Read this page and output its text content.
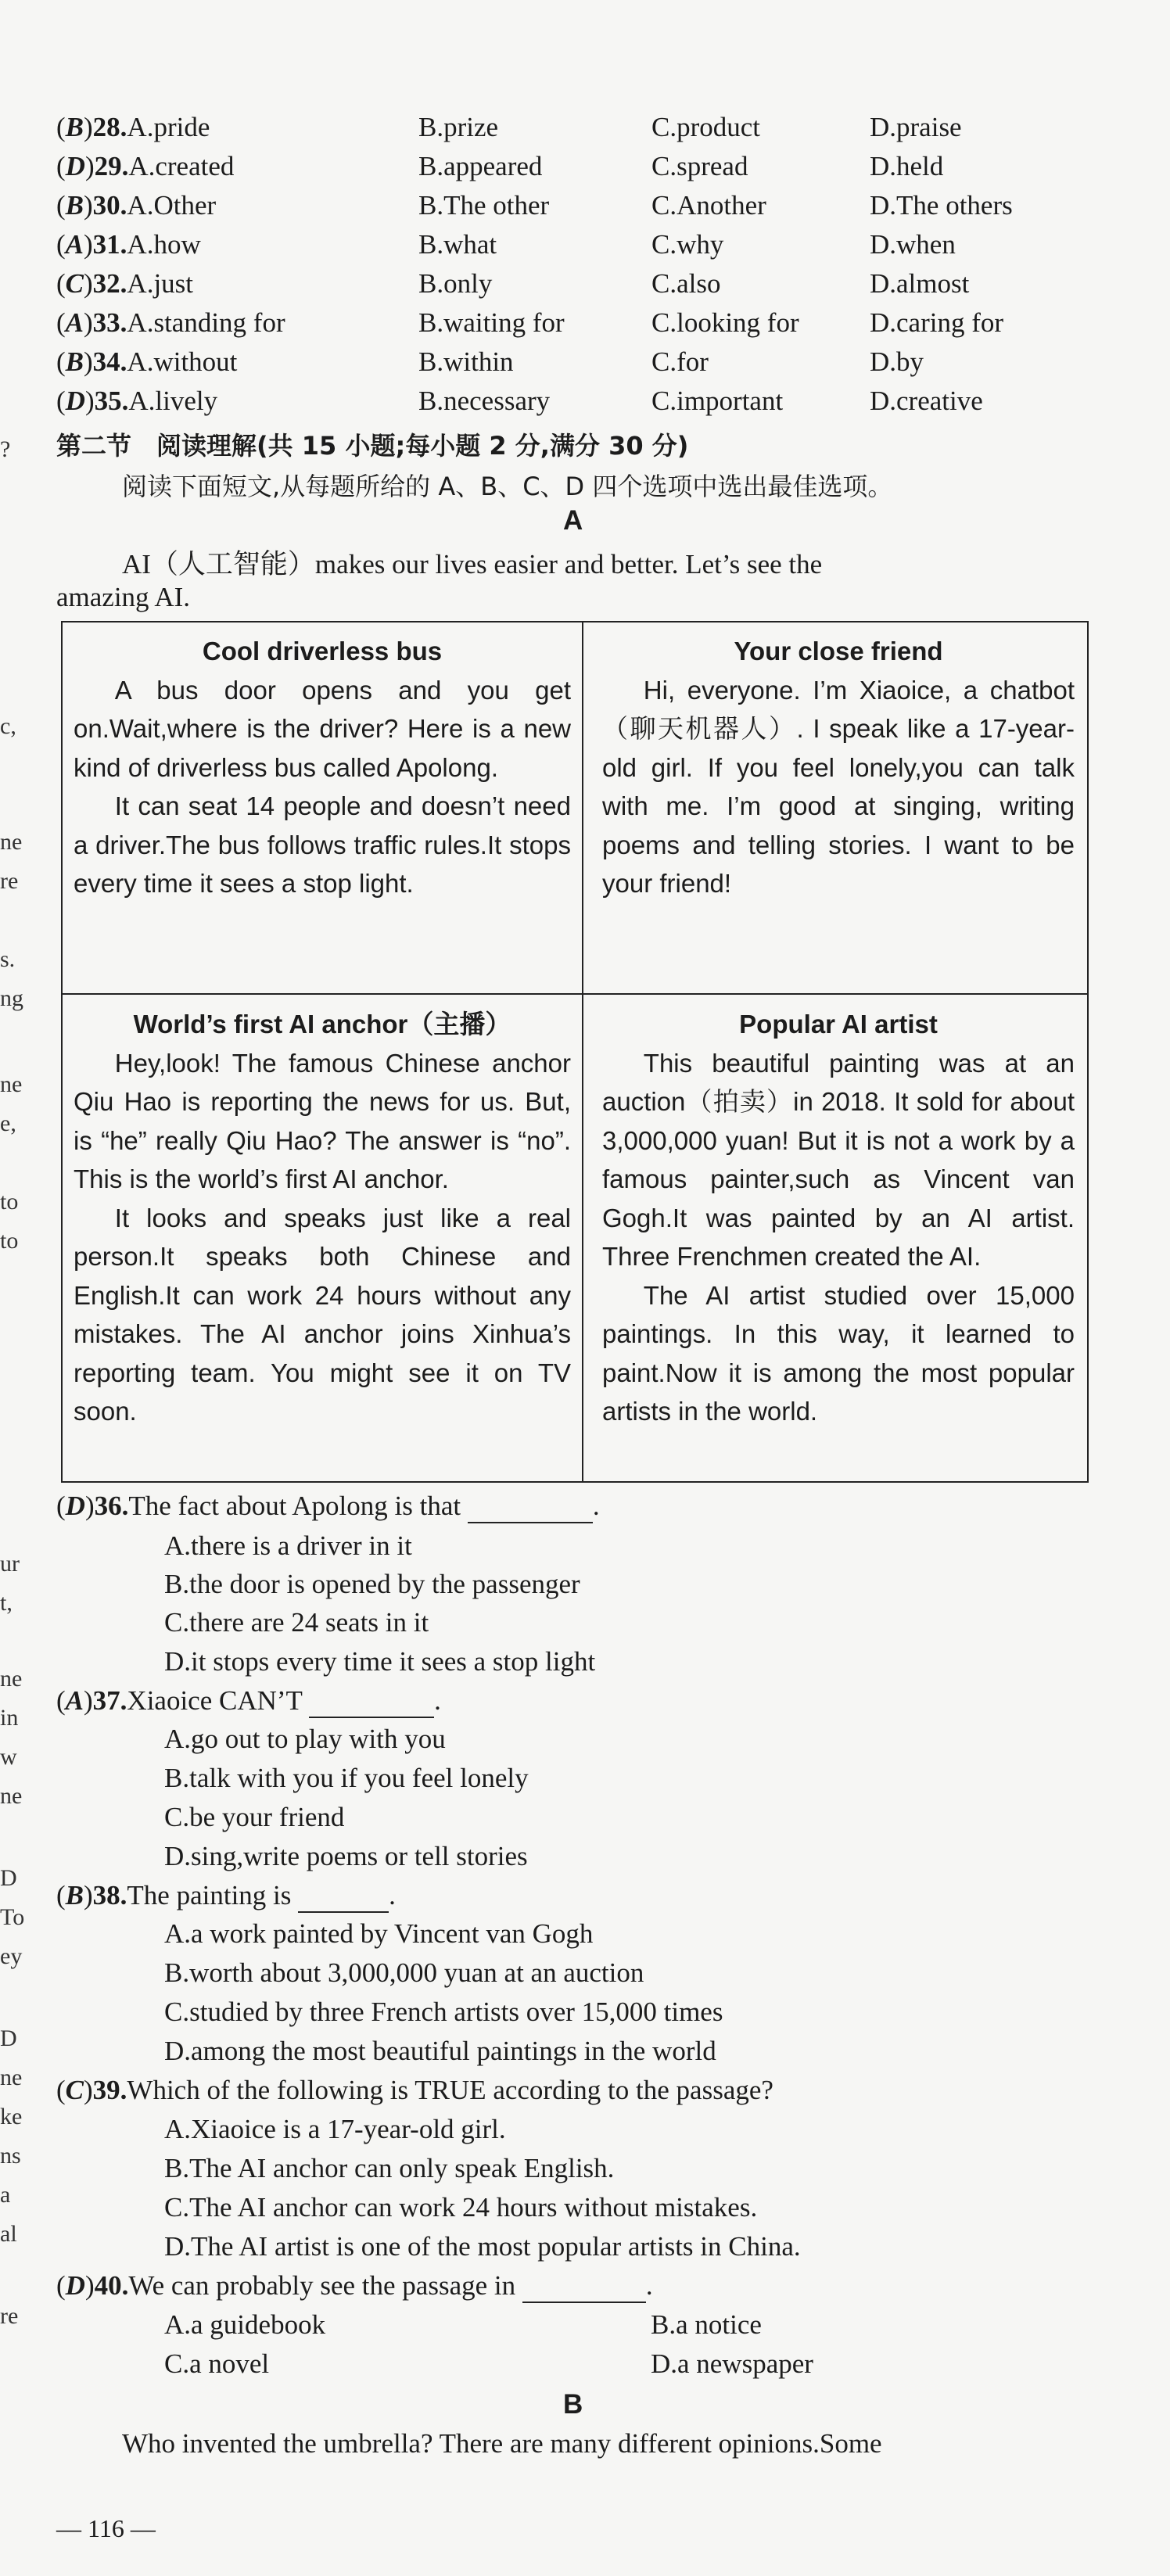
(B)28.A.pride	B.prize	C.product	D.praise
(D)29.A.created	B.appeared	C.spread	D.held
(B)30.A.Other	B.The other	C.Another	D.The others
(A)31.A.how	B.what	C.why	D.when
(C)32.A.just	B.only	C.also	D.almost
(A)33.A.standing for	B.waiting for	C.looking for	D.caring for
(B)34.A.without	B.within	C.for	D.by
(D)35.A.lively	B.necessary	C.important	D.creative
第二节　阅读理解(共 15 小题;每小题 2 分,满分 30 分)
阅读下面短文,从每题所给的 A、B、C、D 四个选项中选出最佳选项。
A
AI（人工智能）makes our lives easier and better. Let’s see the
amazing AI.
Cool driverless bus

A bus door opens and you get on.Wait,where is the driver? Here is a new kind of driverless bus called Apolong.

It can seat 14 people and doesn’t need a driver.The bus follows traffic rules.It stops every time it sees a stop light.

Your close friend

Hi, everyone. I’m Xiaoice, a chatbot（聊天机器人）. I speak like a 17-year-old girl. If you feel lonely,you can talk with me. I’m good at singing, writing poems and telling stories. I want to be your friend!

World’s first AI anchor（主播）

Hey,look! The famous Chinese anchor Qiu Hao is reporting the news for us. But, is “he” really Qiu Hao? The answer is “no”. This is the world’s first AI anchor.

It looks and speaks just like a real person.It speaks both Chinese and English.It can work 24 hours without any mistakes. The AI anchor joins Xinhua’s reporting team. You might see it on TV soon.

Popular AI artist

This beautiful painting was at an auction（拍卖）in 2018. It sold for about 3,000,000 yuan! But it is not a work by a famous painter,such as Vincent van Gogh.It was painted by an AI artist. Three Frenchmen created the AI.

The AI artist studied over 15,000 paintings. In this way, it learned to paint.Now it is among the most popular artists in the world.

(D)36.The fact about Apolong is that	.
A.there is a driver in it
B.the door is opened by the passenger
C.there are 24 seats in it
D.it stops every time it sees a stop light
(A)37.Xiaoice CAN’T	.
A.go out to play with you
B.talk with you if you feel lonely
C.be your friend
D.sing,write poems or tell stories
(B)38.The painting is	.
A.a work painted by Vincent van Gogh
B.worth about 3,000,000 yuan at an auction
C.studied by three French artists over 15,000 times
D.among the most beautiful paintings in the world
(C)39.Which of the following is TRUE according to the passage?
A.Xiaoice is a 17-year-old girl.
B.The AI anchor can only speak English.
C.The AI anchor can work 24 hours without mistakes.
D.The AI artist is one of the most popular artists in China.
(D)40.We can probably see the passage in	.
A.a guidebook	B.a notice
C.a novel	D.a newspaper
B
Who invented the umbrella? There are many different opinions.Some
— 116 —
?
c,
ne
re
s.
ng
ne
e,
to
to
ur
t,
ne
in
w
ne
D
To
ey
D
ne
ke
ns
a
al
re
